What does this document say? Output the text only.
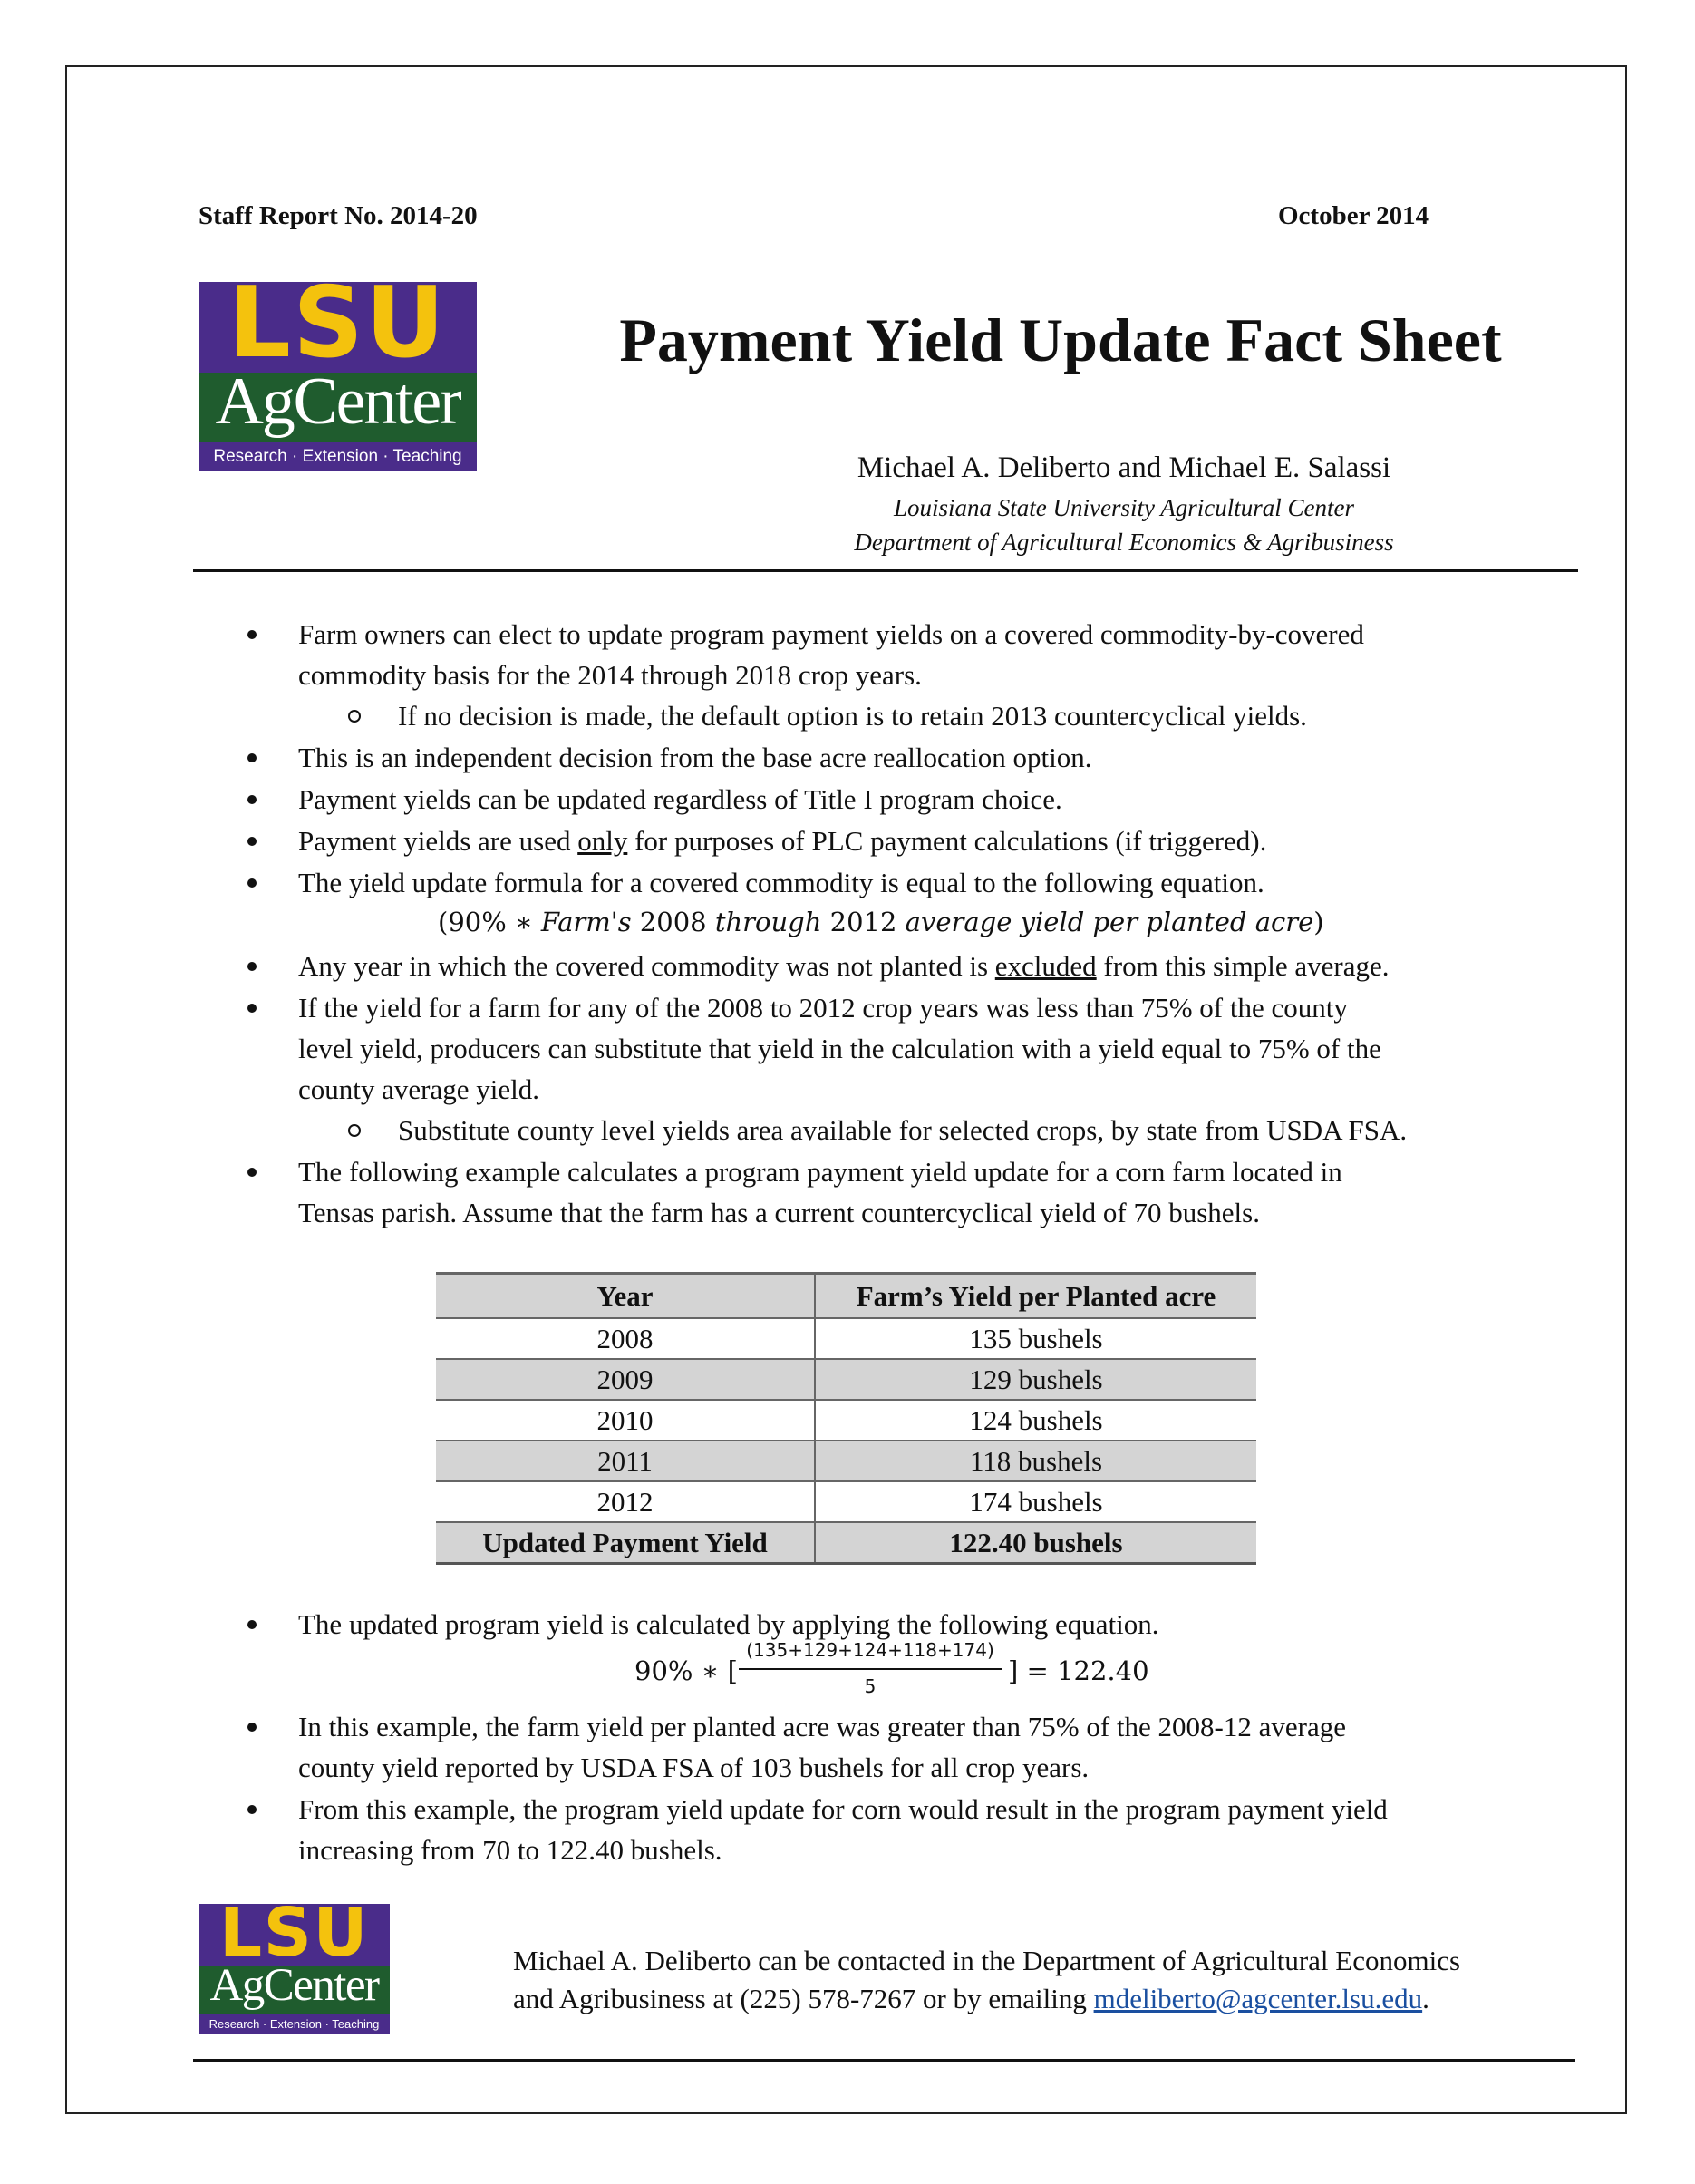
Staff Report No. 2014-20	October 2014
LSU
AgCenter
Research · Extension · Teaching
Payment Yield Update Fact Sheet
Michael A. Deliberto and Michael E. Salassi
Louisiana State University Agricultural Center
Department of Agricultural Economics & Agribusiness
Farm owners can elect to update program payment yields on a covered commodity-by-covered
commodity basis for the 2014 through 2018 crop years.
If no decision is made, the default option is to retain 2013 countercyclical yields.
This is an independent decision from the base acre reallocation option.
Payment yields can be updated regardless of Title I program choice.
Payment yields are used only for purposes of PLC payment calculations (if triggered).
The yield update formula for a covered commodity is equal to the following equation.
(90% ∗ Farm's 2008 through 2012 average yield per planted acre)
Any year in which the covered commodity was not planted is excluded from this simple average.
If the yield for a farm for any of the 2008 to 2012 crop years was less than 75% of the county
level yield, producers can substitute that yield in the calculation with a yield equal to 75% of the
county average yield.
Substitute county level yields area available for selected crops, by state from USDA FSA.
The following example calculates a program payment yield update for a corn farm located in
Tensas parish. Assume that the farm has a current countercyclical yield of 70 bushels.
Year	Farm’s Yield per Planted acre
2008	135 bushels
2009	129 bushels
2010	124 bushels
2011	118 bushels
2012	174 bushels
Updated Payment Yield	122.40 bushels
The updated program yield is calculated by applying the following equation.
90% ∗ [
(135+129+124+118+174)
5	] = 122.40
In this example, the farm yield per planted acre was greater than 75% of the 2008-12 average
county yield reported by USDA FSA of 103 bushels for all crop years.
From this example, the program yield update for corn would result in the program payment yield
increasing from 70 to 122.40 bushels.
LSU
AgCenter
Research · Extension · Teaching
Michael A. Deliberto can be contacted in the Department of Agricultural Economics
and Agribusiness at (225) 578-7267 or by emailing mdeliberto@agcenter.lsu.edu.
